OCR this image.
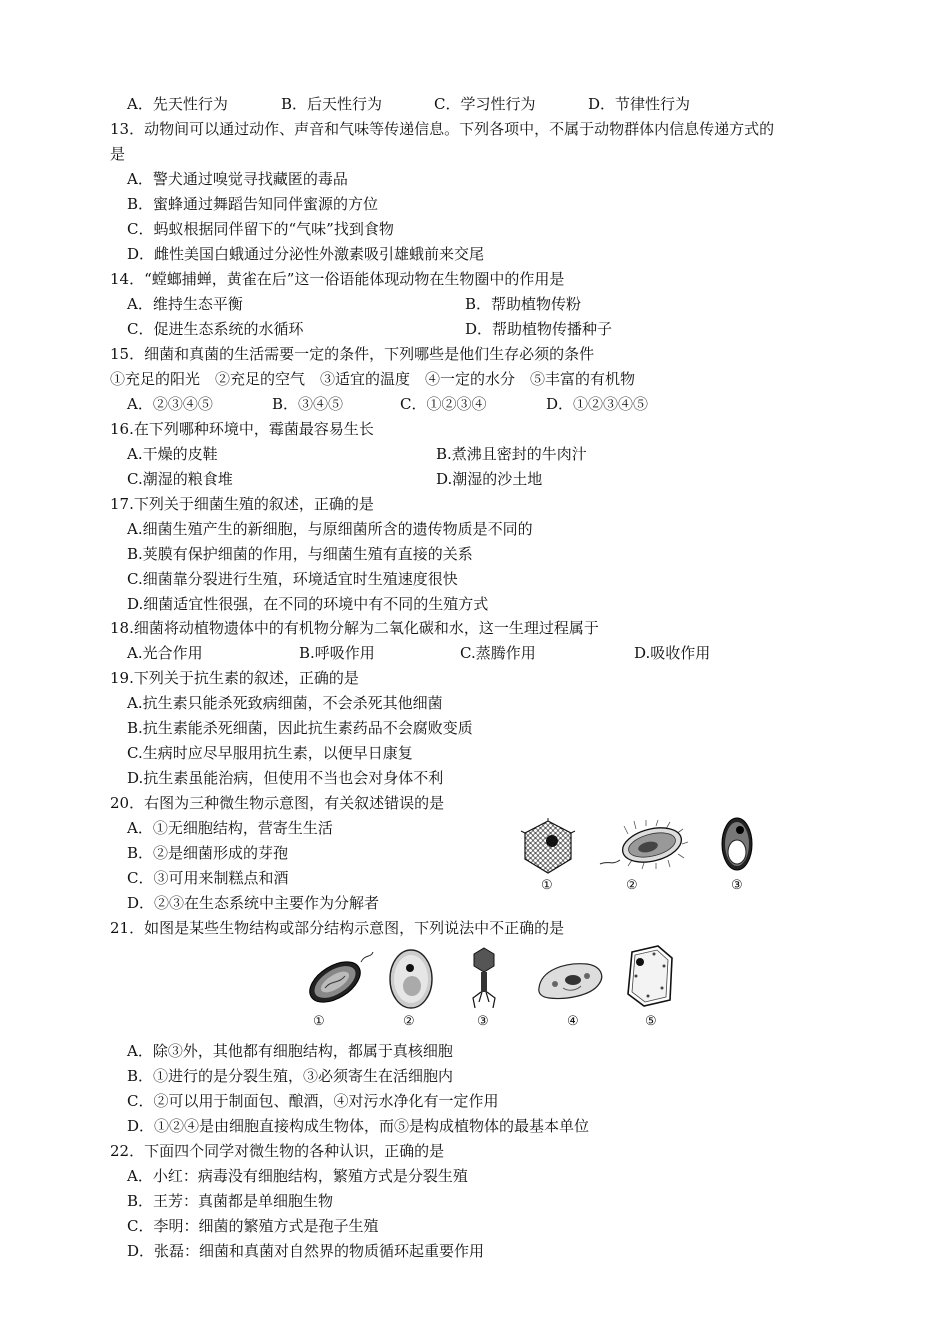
A．先天性行为	B．后天性行为	C．学习性行为	D．节律性行为
13．动物间可以通过动作、声音和气味等传递信息。下列各项中，不属于动物群体内信息传递方式的
是
A．警犬通过嗅觉寻找藏匿的毒品
B．蜜蜂通过舞蹈告知同伴蜜源的方位
C．蚂蚁根据同伴留下的“气味”找到食物
D．雌性美国白蛾通过分泌性外激素吸引雄蛾前来交尾
14．“螳螂捕蝉，黄雀在后”这一俗语能体现动物在生物圈中的作用是
A．维持生态平衡	B．帮助植物传粉
C．促进生态系统的水循环	D．帮助植物传播种子
15．细菌和真菌的生活需要一定的条件，下列哪些是他们生存必须的条件
①充足的阳光　②充足的空气　③适宜的温度　④一定的水分　⑤丰富的有机物
A．②③④⑤	B．③④⑤	C．①②③④	D．①②③④⑤
16.在下列哪种环境中，霉菌最容易生长
A.干燥的皮鞋	B.煮沸且密封的牛肉汁
C.潮湿的粮食堆	D.潮湿的沙土地
17.下列关于细菌生殖的叙述，正确的是
A.细菌生殖产生的新细胞，与原细菌所含的遗传物质是不同的
B.荚膜有保护细菌的作用，与细菌生殖有直接的关系
C.细菌靠分裂进行生殖，环境适宜时生殖速度很快
D.细菌适宜性很强，在不同的环境中有不同的生殖方式
18.细菌将动植物遗体中的有机物分解为二氧化碳和水，这一生理过程属于
A.光合作用	B.呼吸作用	C.蒸腾作用	D.吸收作用
19.下列关于抗生素的叙述，正确的是
A.抗生素只能杀死致病细菌，不会杀死其他细菌
B.抗生素能杀死细菌，因此抗生素药品不会腐败变质
C.生病时应尽早服用抗生素，以便早日康复
D.抗生素虽能治病，但使用不当也会对身体不利
20．右图为三种微生物示意图，有关叙述错误的是
A．①无细胞结构，营寄生生活
B．②是细菌形成的芽孢
C．③可用来制糕点和酒
D．②③在生态系统中主要作为分解者
①	②	③
21．如图是某些生物结构或部分结构示意图，下列说法中不正确的是
①	②	③	④	⑤
A．除③外，其他都有细胞结构，都属于真核细胞
B．①进行的是分裂生殖，③必须寄生在活细胞内
C．②可以用于制面包、酿酒，④对污水净化有一定作用
D．①②④是由细胞直接构成生物体，而⑤是构成植物体的最基本单位
22．下面四个同学对微生物的各种认识，正确的是
A．小红：病毒没有细胞结构，繁殖方式是分裂生殖
B．王芳：真菌都是单细胞生物
C．李明：细菌的繁殖方式是孢子生殖
D．张磊：细菌和真菌对自然界的物质循环起重要作用
